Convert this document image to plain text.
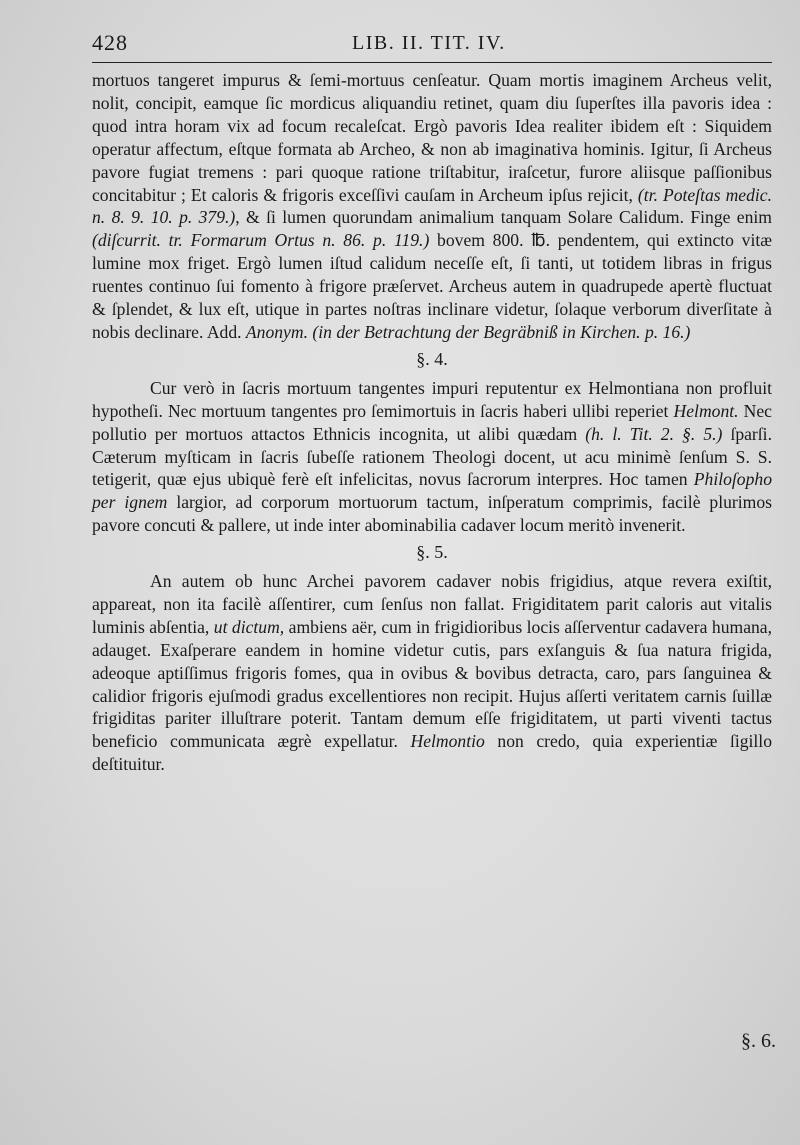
428	LIB. II. TIT. IV.

mortuos tangeret impurus & ſemi-mortuus cenſeatur. Quam mortis imaginem Archeus velit, nolit, concipit, eamque ſic mordicus aliquandiu retinet, quam diu ſuperſtes illa pavoris idea : quod intra horam vix ad focum recaleſcat. Ergò pavoris Idea realiter ibidem eſt : Siquidem operatur affectum, eſtque formata ab Archeo, & non ab imaginativa hominis. Igitur, ſi Archeus pavore fugiat tremens : pari quoque ratione triſtabitur, iraſcetur, furore aliisque paſſionibus concitabitur ; Et caloris & frigoris exceſſivi cauſam in Archeum ipſus rejicit, (tr. Poteſtas medic. n. 8. 9. 10. p. 379.), & ſi lumen quorundam animalium tanquam Solare Calidum. Finge enim (diſcurrit. tr. Formarum Ortus n. 86. p. 119.) bovem 800. ℔. pendentem, qui extincto vitæ lumine mox friget. Ergò lumen iſtud calidum neceſſe eſt, ſi tanti, ut totidem libras in frigus ruentes continuo ſui fomento à frigore præſervet. Archeus autem in quadrupede apertè fluctuat & ſplendet, & lux eſt, utique in partes noſtras inclinare videtur, ſolaque verborum diverſitate à nobis declinare. Add. Anonym. (in der Betrachtung der Begräbniß in Kirchen. p. 16.)

§. 4.

Cur verò in ſacris mortuum tangentes impuri reputentur ex Helmontiana non profluit hypotheſi. Nec mortuum tangentes pro ſemimortuis in ſacris haberi ullibi reperiet Helmont. Nec pollutio per mortuos attactos Ethnicis incognita, ut alibi quædam (h. l. Tit. 2. §. 5.) ſparſi. Cæterum myſticam in ſacris ſubeſſe rationem Theologi docent, ut acu minimè ſenſum S. S. tetigerit, quæ ejus ubiquè ferè eſt infelicitas, novus ſacrorum interpres. Hoc tamen Philoſopho per ignem largior, ad corporum mortuorum tactum, inſperatum comprimis, facilè plurimos pavore concuti & pallere, ut inde inter abominabilia cadaver locum meritò invenerit.

§. 5.

An autem ob hunc Archei pavorem cadaver nobis frigidius, atque revera exiſtit, appareat, non ita facilè aſſentirer, cum ſenſus non fallat. Frigiditatem parit caloris aut vitalis luminis abſentia, ut dictum, ambiens aër, cum in frigidioribus locis aſſerventur cadavera humana, adauget. Exaſperare eandem in homine videtur cutis, pars exſanguis & ſua natura frigida, adeoque aptiſſimus frigoris fomes, qua in ovibus & bovibus detracta, caro, pars ſanguinea & calidior frigoris ejuſmodi gradus excellentiores non recipit. Hujus aſſerti veritatem carnis ſuillæ frigiditas pariter illuſtrare poterit. Tantam demum eſſe frigiditatem, ut parti viventi tactus beneficio communicata ægrè expellatur. Helmontio non credo, quia experientiæ ſigillo deſtituitur.

§. 6.
